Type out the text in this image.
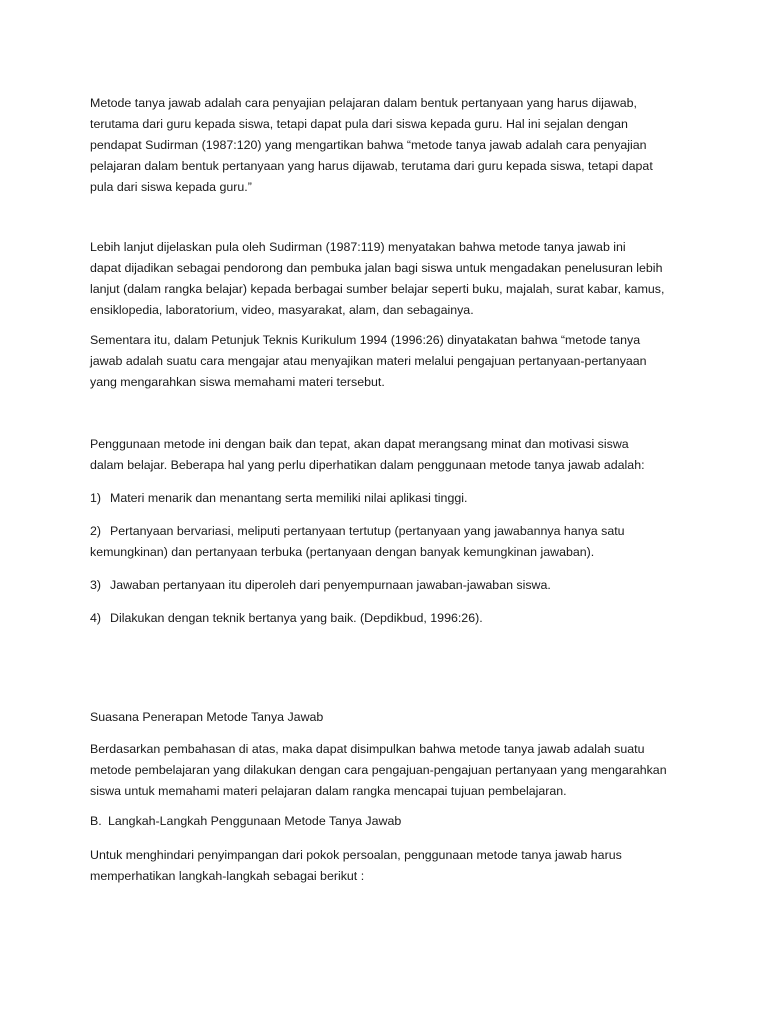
Metode tanya jawab adalah cara penyajian pelajaran dalam bentuk pertanyaan yang harus dijawab,
terutama dari guru kepada siswa, tetapi dapat pula dari siswa kepada guru. Hal ini sejalan dengan
pendapat Sudirman (1987:120) yang mengartikan bahwa “metode tanya jawab adalah cara penyajian
pelajaran dalam bentuk pertanyaan yang harus dijawab, terutama dari guru kepada siswa, tetapi dapat
pula dari siswa kepada guru.”

Lebih lanjut dijelaskan pula oleh Sudirman (1987:119) menyatakan bahwa metode tanya jawab ini
dapat dijadikan sebagai pendorong dan pembuka jalan bagi siswa untuk mengadakan penelusuran lebih
lanjut (dalam rangka belajar) kepada berbagai sumber belajar seperti buku, majalah, surat kabar, kamus,
ensiklopedia, laboratorium, video, masyarakat, alam, dan sebagainya.

Sementara itu, dalam Petunjuk Teknis Kurikulum 1994 (1996:26) dinyatakatan bahwa “metode tanya
jawab adalah suatu cara mengajar atau menyajikan materi melalui pengajuan pertanyaan-pertanyaan
yang mengarahkan siswa memahami materi tersebut.

Penggunaan metode ini dengan baik dan tepat, akan dapat merangsang minat dan motivasi siswa
dalam belajar. Beberapa hal yang perlu diperhatikan dalam penggunaan metode tanya jawab adalah:

1) Materi menarik dan menantang serta memiliki nilai aplikasi tinggi.
2) Pertanyaan bervariasi, meliputi pertanyaan tertutup (pertanyaan yang jawabannya hanya satu
kemungkinan) dan pertanyaan terbuka (pertanyaan dengan banyak kemungkinan jawaban).
3) Jawaban pertanyaan itu diperoleh dari penyempurnaan jawaban-jawaban siswa.
4) Dilakukan dengan teknik bertanya yang baik. (Depdikbud, 1996:26).
Suasana Penerapan Metode Tanya Jawab

Berdasarkan pembahasan di atas, maka dapat disimpulkan bahwa metode tanya jawab adalah suatu
metode pembelajaran yang dilakukan dengan cara pengajuan-pengajuan pertanyaan yang mengarahkan
siswa untuk memahami materi pelajaran dalam rangka mencapai tujuan pembelajaran.

B. Langkah-Langkah Penggunaan Metode Tanya Jawab

Untuk menghindari penyimpangan dari pokok persoalan, penggunaan metode tanya jawab harus
memperhatikan langkah-langkah sebagai berikut :
